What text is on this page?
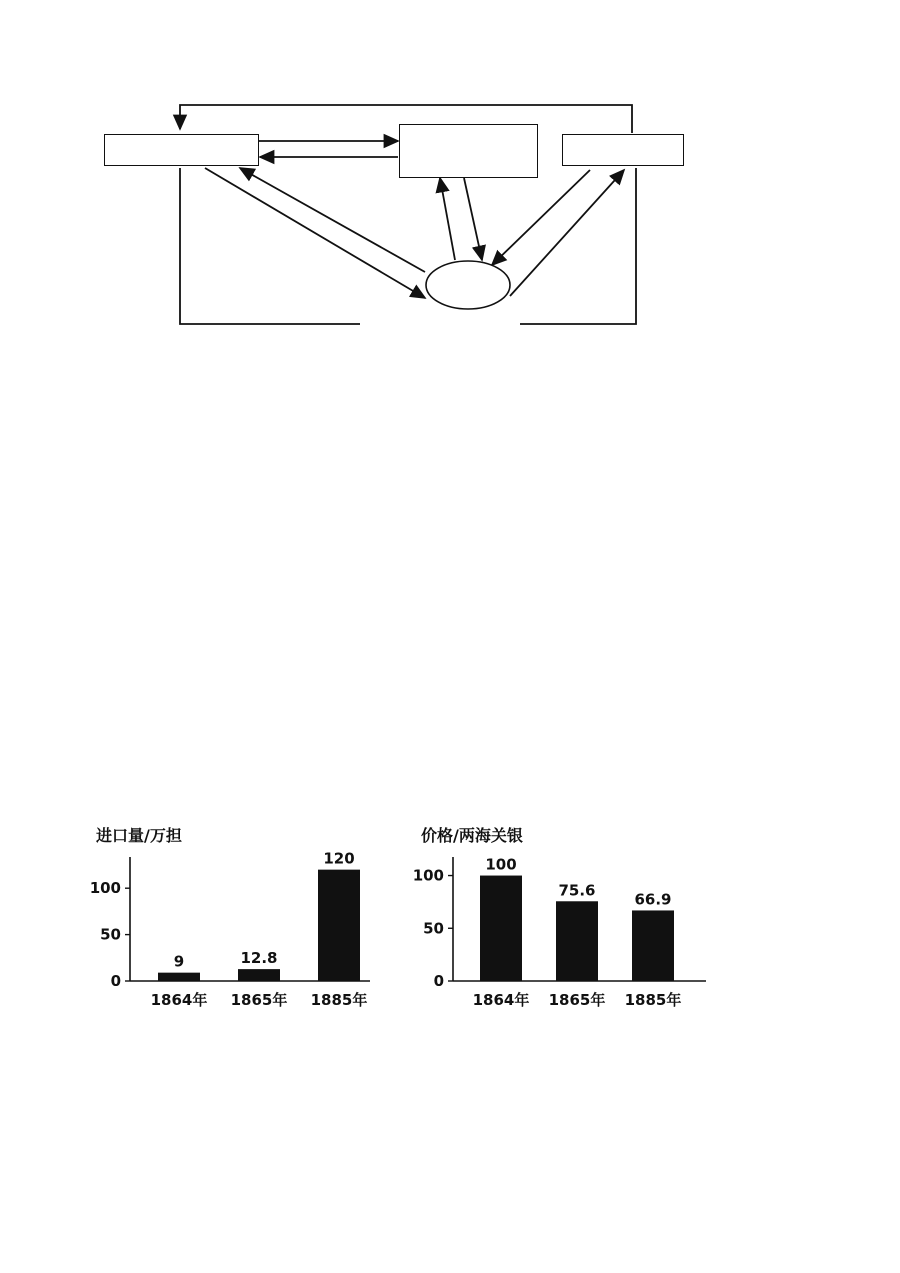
进口量/万担
0
50
100
9
1864年
12.8
1865年
120
1885年
价格/两海关银
0
50
100
100
1864年
75.6
1865年
66.9
1885年
